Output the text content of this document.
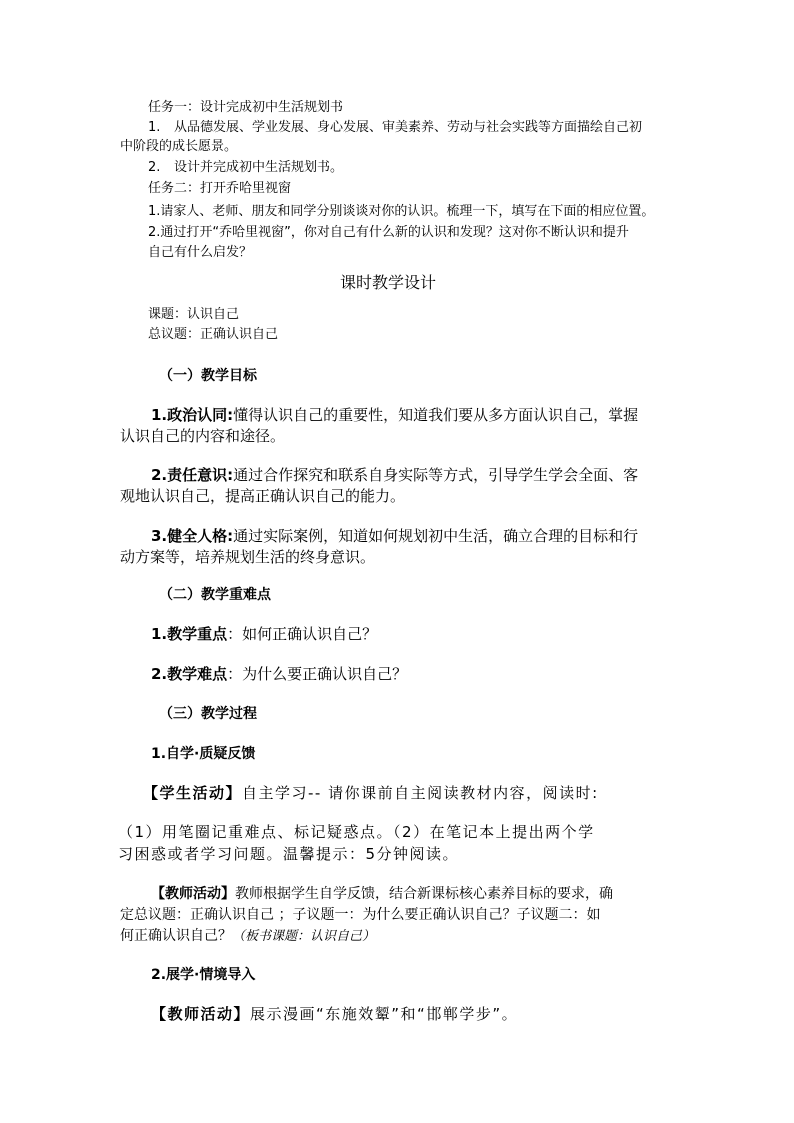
任务一：设计完成初中生活规划书
1. 从品德发展、学业发展、身心发展、审美素养、劳动与社会实践等方面描绘自己初
中阶段的成长愿景。
2. 设计并完成初中生活规划书。
任务二：打开乔哈里视窗
1.请家人、老师、朋友和同学分别谈谈对你的认识。梳理一下，填写在下面的相应位置。
2.通过打开“乔哈里视窗”，你对自己有什么新的认识和发现？这对你不断认识和提升
自己有什么启发？
课时教学设计
课题：认识自己
总议题：正确认识自己
（一）教学目标
1.政治认同:懂得认识自己的重要性，知道我们要从多方面认识自己，掌握
认识自己的内容和途径。
2.责任意识:通过合作探究和联系自身实际等方式，引导学生学会全面、客
观地认识自己，提高正确认识自己的能力。
3.健全人格:通过实际案例，知道如何规划初中生活，确立合理的目标和行
动方案等，培养规划生活的终身意识。
（二）教学重难点
1.教学重点：如何正确认识自己？
2.教学难点：为什么要正确认识自己？
（三）教学过程
1.自学·质疑反馈
【学生活动】自主学习-- 请你课前自主阅读教材内容，阅读时:
（1）用笔圈记重难点、标记疑惑点。（2）在笔记本上提出两个学
习困惑或者学习问题。温馨提示：5分钟阅读。
【教师活动】教师根据学生自学反馈，结合新课标核心素养目标的要求，确
定总议题：正确认识自己 ；子议题一：为什么要正确认识自己？子议题二：如
何正确认识自己？（板书课题：认识自己）
2.展学·情境导入
【教师活动】展示漫画“东施效颦”和“邯郸学步”。
